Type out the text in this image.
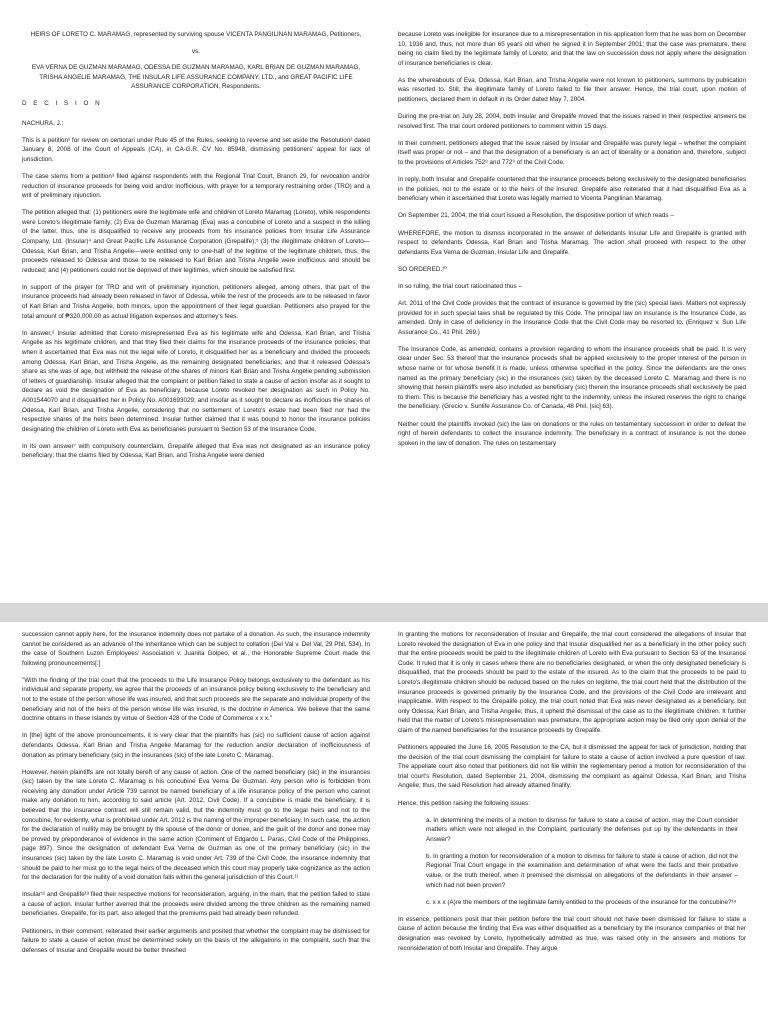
HEIRS OF LORETO C. MARAMAG, represented by surviving spouse VICENTA PANGILINAN MARAMAG, Petitioners,

vs.

EVA VERNA DE GUZMAN MARAMAG, ODESSA DE GUZMAN MARAMAG, KARL BRIAN DE GUZMAN MARAMAG, TRISHA ANGELIE MARAMAG, THE INSULAR LIFE ASSURANCE COMPANY, LTD., and GREAT PACIFIC LIFE ASSURANCE CORPORATION, Respondents.

D E C I S I O N

NACHURA, J.:

This is a petition¹ for review on certiorari under Rule 45 of the Rules, seeking to reverse and set aside the Resolution² dated January 8, 2008 of the Court of Appeals (CA), in CA-G.R. CV No. 85948, dismissing petitioners' appeal for lack of jurisdiction.

The case stems from a petition³ filed against respondents with the Regional Trial Court, Branch 29, for revocation and/or reduction of insurance proceeds for being void and/or inofficious, with prayer for a temporary restraining order (TRO) and a writ of preliminary injunction.

The petition alleged that: (1) petitioners were the legitimate wife and children of Loreto Maramag (Loreto), while respondents were Loreto's illegitimate family; (2) Eva de Guzman Maramag (Eva) was a concubine of Loreto and a suspect in the killing of the latter, thus, she is disqualified to receive any proceeds from his insurance policies from Insular Life Assurance Company, Ltd. (Insular)⁴ and Great Pacific Life Assurance Corporation (Grepalife);⁵ (3) the illegitimate children of Loreto—Odessa, Karl Brian, and Trisha Angelie—were entitled only to one-half of the legitime of the legitimate children, thus, the proceeds released to Odessa and those to be released to Karl Brian and Trisha Angelie were inofficious and should be reduced; and (4) petitioners could not be deprived of their legitimes, which should be satisfied first.

In support of the prayer for TRO and writ of preliminary injunction, petitioners alleged, among others, that part of the insurance proceeds had already been released in favor of Odessa, while the rest of the proceeds are to be released in favor of Karl Brian and Trisha Angelie, both minors, upon the appointment of their legal guardian. Petitioners also prayed for the total amount of ₱320,000.00 as actual litigation expenses and attorney's fees.

In answer,⁶ Insular admitted that Loreto misrepresented Eva as his legitimate wife and Odessa, Karl Brian, and Trisha Angelie as his legitimate children, and that they filed their claims for the insurance proceeds of the insurance policies; that when it ascertained that Eva was not the legal wife of Loreto, it disqualified her as a beneficiary and divided the proceeds among Odessa, Karl Brian, and Trisha Angelie, as the remaining designated beneficiaries; and that it released Odessa's share as she was of age, but withheld the release of the shares of minors Karl Brian and Trisha Angelie pending submission of letters of guardianship. Insular alleged that the complaint or petition failed to state a cause of action insofar as it sought to declare as void the designation of Eva as beneficiary, because Loreto revoked her designation as such in Policy No. A001544070 and it disqualified her in Policy No. A001693029; and insofar as it sought to declare as inofficious the shares of Odessa, Karl Brian, and Trisha Angelie, considering that no settlement of Loreto's estate had been filed nor had the respective shares of the heirs been determined. Insular further claimed that it was bound to honor the insurance policies designating the children of Loreto with Eva as beneficiaries pursuant to Section 53 of the Insurance Code.

In its own answer⁷ with compulsory counterclaim, Grepalife alleged that Eva was not designated as an insurance policy beneficiary; that the claims filed by Odessa, Karl Brian, and Trisha Angelie were denied

because Loreto was ineligible for insurance due to a misrepresentation in his application form that he was born on December 10, 1936 and, thus, not more than 65 years old when he signed it in September 2001; that the case was premature, there being no claim filed by the legitimate family of Loreto; and that the law on succession does not apply where the designation of insurance beneficiaries is clear.

As the whereabouts of Eva, Odessa, Karl Brian, and Trisha Angelie were not known to petitioners, summons by publication was resorted to. Still, the illegitimate family of Loreto failed to file their answer. Hence, the trial court, upon motion of petitioners, declared them in default in its Order dated May 7, 2004.

During the pre-trial on July 28, 2004, both Insular and Grepalife moved that the issues raised in their respective answers be resolved first. The trial court ordered petitioners to comment within 15 days.

In their comment, petitioners alleged that the issue raised by Insular and Grepalife was purely legal – whether the complaint itself was proper or not – and that the designation of a beneficiary is an act of liberality or a donation and, therefore, subject to the provisions of Articles 752⁸ and 772⁹ of the Civil Code.

In reply, both Insular and Grepalife countered that the insurance proceeds belong exclusively to the designated beneficiaries in the policies, not to the estate or to the heirs of the insured. Grepalife also reiterated that it had disqualified Eva as a beneficiary when it ascertained that Loreto was legally married to Vicenta Pangilinan Maramag.

On September 21, 2004, the trial court issued a Resolution, the dispositive portion of which reads –

WHEREFORE, the motion to dismiss incorporated in the answer of defendants Insular Life and Grepalife is granted with respect to defendants Odessa, Karl Brian and Trisha Maramag. The action shall proceed with respect to the other defendants Eva Verna de Guzman, Insular Life and Grepalife.

SO ORDERED.¹⁰

In so ruling, the trial court ratiocinated thus –

Art. 2011 of the Civil Code provides that the contract of insurance is governed by the (sic) special laws. Matters not expressly provided for in such special laws shall be regulated by this Code. The principal law on insurance is the Insurance Code, as amended. Only in case of deficiency in the Insurance Code that the Civil Code may be resorted to. (Enriquez v. Sun Life Assurance Co., 41 Phil. 269.)

The Insurance Code, as amended, contains a provision regarding to whom the insurance proceeds shall be paid. It is very clear under Sec. 53 thereof that the insurance proceeds shall be applied exclusively to the proper interest of the person in whose name or for whose benefit it is made, unless otherwise specified in the policy. Since the defendants are the ones named as the primary beneficiary (sic) in the insurances (sic) taken by the deceased Loreto C. Maramag and there is no showing that herein plaintiffs were also included as beneficiary (sic) therein the insurance proceeds shall exclusively be paid to them. This is because the beneficiary has a vested right to the indemnity, unless the insured reserves the right to change the beneficiary. (Grecio v. Sunlife Assurance Co. of Canada, 48 Phil. [sic] 63).

Neither could the plaintiffs invoked (sic) the law on donations or the rules on testamentary succession in order to defeat the right of herein defendants to collect the insurance indemnity. The beneficiary in a contract of insurance is not the donee spoken in the law of donation. The rules on testamentary

succession cannot apply here, for the insurance indemnity does not partake of a donation. As such, the insurance indemnity cannot be considered as an advance of the inheritance which can be subject to collation (Del Val v. Del Val, 29 Phil. 534). In the case of Southern Luzon Employees' Association v. Juanita Golpeo, et al., the Honorable Supreme Court made the following pronouncements[:]

"With the finding of the trial court that the proceeds to the Life Insurance Policy belongs exclusively to the defendant as his individual and separate property, we agree that the proceeds of an insurance policy belong exclusively to the beneficiary and not to the estate of the person whose life was insured, and that such proceeds are the separate and individual property of the beneficiary and not of the heirs of the person whose life was insured, is the doctrine in America. We believe that the same doctrine obtains in these Islands by virtue of Section 428 of the Code of Commerce x x x."

In [the] light of the above pronouncements, it is very clear that the plaintiffs has (sic) no sufficient cause of action against defendants Odessa, Karl Brian and Trisha Angelie Maramag for the reduction and/or declaration of inofficiousness of donation as primary beneficiary (sic) in the insurances (sic) of the late Loreto C. Maramag.

However, herein plaintiffs are not totally bereft of any cause of action. One of the named beneficiary (sic) in the insurances (sic) taken by the late Loreto C. Maramag is his concubine Eva Verna De Guzman. Any person who is forbidden from receiving any donation under Article 739 cannot be named beneficiary of a life insurance policy of the person who cannot make any donation to him, according to said article (Art. 2012, Civil Code). If a concubine is made the beneficiary, it is believed that the insurance contract will still remain valid, but the indemnity must go to the legal heirs and not to the concubine, for evidently, what is prohibited under Art. 2012 is the naming of the improper beneficiary. In such case, the action for the declaration of nullity may be brought by the spouse of the donor or donee, and the guilt of the donor and donee may be proved by preponderance of evidence in the same action (Comment of Edgardo L. Paras, Civil Code of the Philippines, page 897). Since the designation of defendant Eva Verna de Guzman as one of the primary beneficiary (sic) in the insurances (sic) taken by the late Loreto C. Maramag is void under Art. 739 of the Civil Code, the insurance indemnity that should be paid to her must go to the legal heirs of the deceased which this court may properly take cognizance as the action for the declaration for the nullity of a void donation falls within the general jurisdiction of this Court.¹¹

Insular¹² and Grepalife¹³ filed their respective motions for reconsideration, arguing, in the main, that the petition failed to state a cause of action. Insular further averred that the proceeds were divided among the three children as the remaining named beneficiaries. Grepalife, for its part, also alleged that the premiums paid had already been refunded.

Petitioners, in their comment, reiterated their earlier arguments and posited that whether the complaint may be dismissed for failure to state a cause of action must be determined solely on the basis of the allegations in the complaint, such that the defenses of Insular and Grepalife would be better threshed

In granting the motions for reconsideration of Insular and Grepalife, the trial court considered the allegations of Insular that Loreto revoked the designation of Eva in one policy and that Insular disqualified her as a beneficiary in the other policy such that the entire proceeds would be paid to the illegitimate children of Loreto with Eva pursuant to Section 53 of the Insurance Code. It ruled that it is only in cases where there are no beneficiaries designated, or when the only designated beneficiary is disqualified, that the proceeds should be paid to the estate of the insured. As to the claim that the proceeds to be paid to Loreto's illegitimate children should be reduced based on the rules on legitime, the trial court held that the distribution of the insurance proceeds is governed primarily by the Insurance Code, and the provisions of the Civil Code are irrelevant and inapplicable. With respect to the Grepalife policy, the trial court noted that Eva was never designated as a beneficiary, but only Odessa, Karl Brian, and Trisha Angelie; thus, it upheld the dismissal of the case as to the illegitimate children. It further held that the matter of Loreto's misrepresentation was premature; the appropriate action may be filed only upon denial of the claim of the named beneficiaries for the insurance proceeds by Grepalife.

Petitioners appealed the June 16, 2005 Resolution to the CA, but it dismissed the appeal for lack of jurisdiction, holding that the decision of the trial court dismissing the complaint for failure to state a cause of action involved a pure question of law. The appellate court also noted that petitioners did not file within the reglementary period a motion for reconsideration of the trial court's Resolution, dated September 21, 2004, dismissing the complaint as against Odessa, Karl Brian, and Trisha Angelie; thus, the said Resolution had already attained finality.

Hence, this petition raising the following issues:

a. In determining the merits of a motion to dismiss for failure to state a cause of action, may the Court consider matters which were not alleged in the Complaint, particularly the defenses put up by the defendants in their Answer?

b. In granting a motion for reconsideration of a motion to dismiss for failure to state a cause of action, did not the Regional Trial Court engage in the examination and determination of what were the facts and their probative value, or the truth thereof, when it premised the dismissal on allegations of the defendants in their answer – which had not been proven?

c. x x x (A)re the members of the legitimate family entitled to the proceeds of the insurance for the concubine?¹⁴

In essence, petitioners posit that their petition before the trial court should not have been dismissed for failure to state a cause of action because the finding that Eva was either disqualified as a beneficiary by the insurance companies or that her designation was revoked by Loreto, hypothetically admitted as true, was raised only in the answers and motions for reconsideration of both Insular and Grepalife. They argue
